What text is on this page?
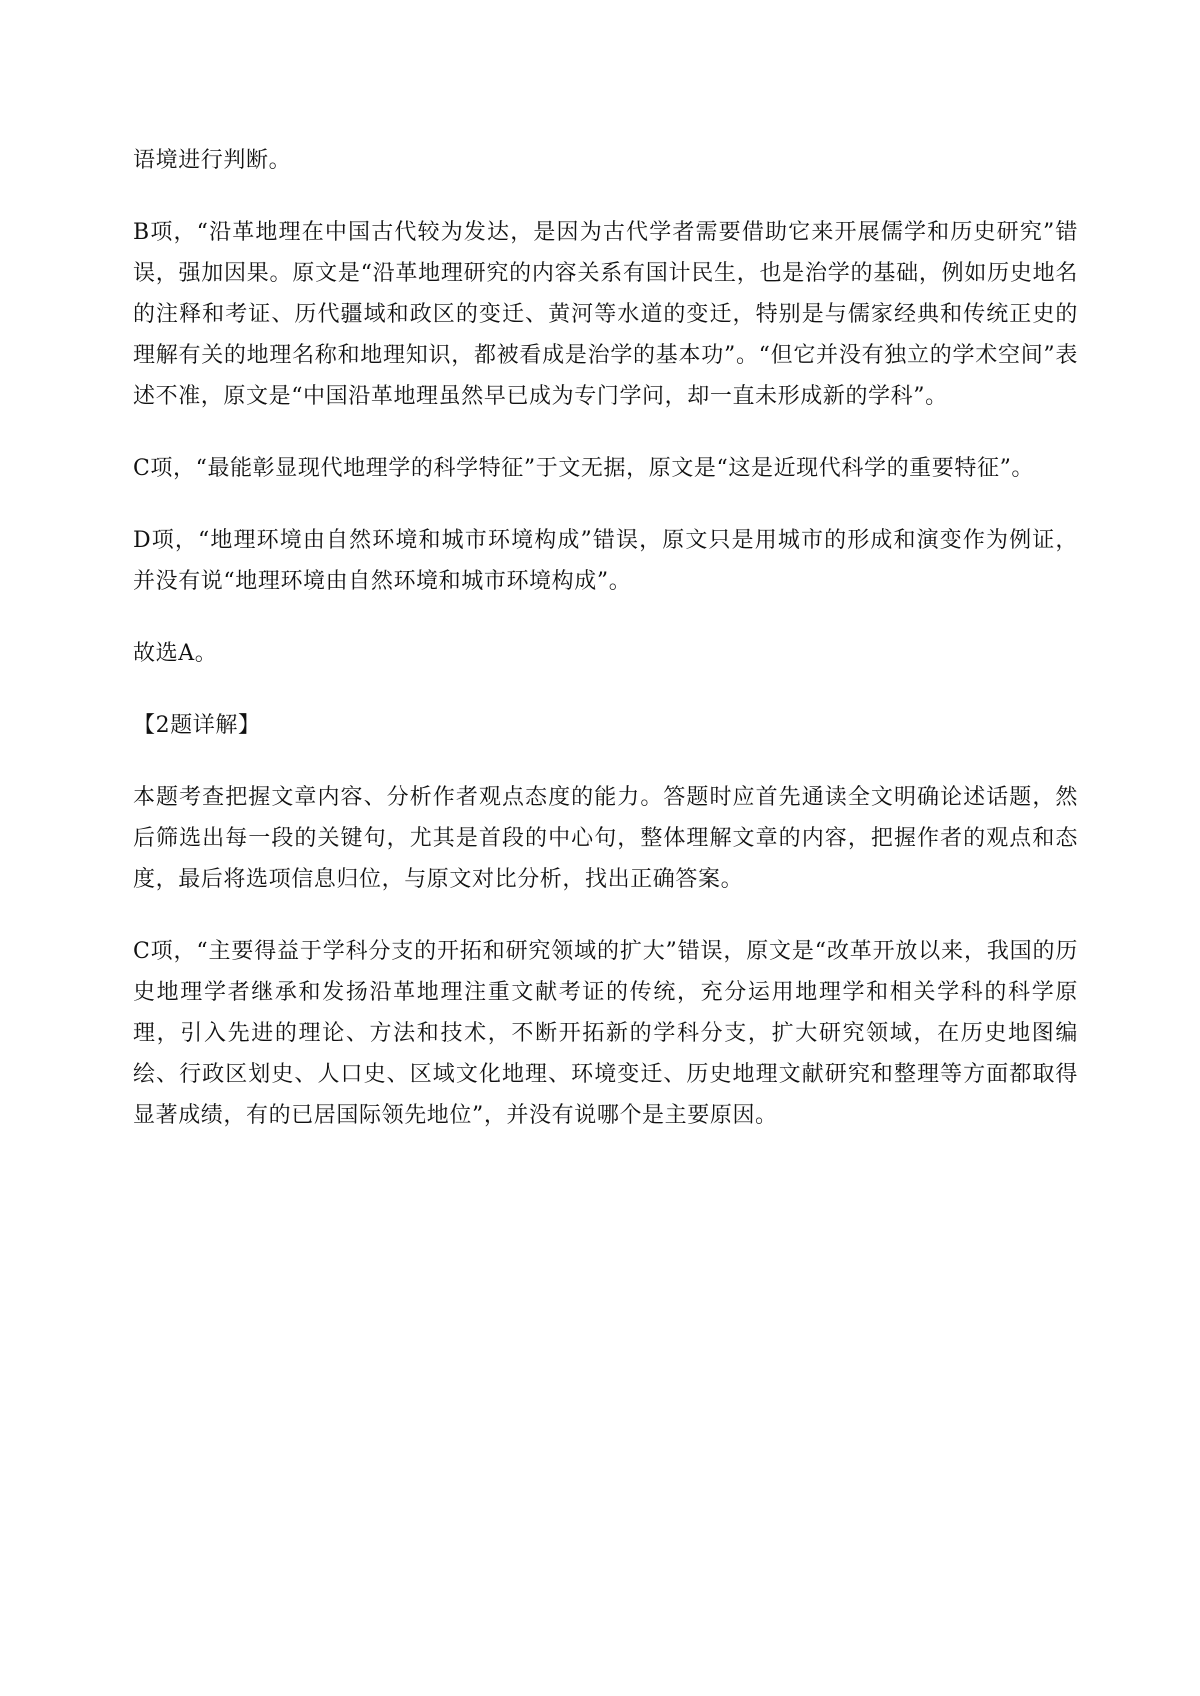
语境进行判断。

B项，“沿革地理在中国古代较为发达，是因为古代学者需要借助它来开展儒学和历史研究”错误，强加因果。原文是“沿革地理研究的内容关系有国计民生，也是治学的基础，例如历史地名的注释和考证、历代疆域和政区的变迁、黄河等水道的变迁，特别是与儒家经典和传统正史的理解有关的地理名称和地理知识，都被看成是治学的基本功”。“但它并没有独立的学术空间”表述不准，原文是“中国沿革地理虽然早已成为专门学问，却一直未形成新的学科”。

C项，“最能彰显现代地理学的科学特征”于文无据，原文是“这是近现代科学的重要特征”。

D项，“地理环境由自然环境和城市环境构成”错误，原文只是用城市的形成和演变作为例证，并没有说“地理环境由自然环境和城市环境构成”。

故选A。

【2题详解】

本题考查把握文章内容、分析作者观点态度的能力。答题时应首先通读全文明确论述话题，然后筛选出每一段的关键句，尤其是首段的中心句，整体理解文章的内容，把握作者的观点和态度，最后将选项信息归位，与原文对比分析，找出正确答案。

C项，“主要得益于学科分支的开拓和研究领域的扩大”错误，原文是“改革开放以来，我国的历史地理学者继承和发扬沿革地理注重文献考证的传统，充分运用地理学和相关学科的科学原理，引入先进的理论、方法和技术，不断开拓新的学科分支，扩大研究领域，在历史地图编绘、行政区划史、人口史、区域文化地理、环境变迁、历史地理文献研究和整理等方面都取得显著成绩，有的已居国际领先地位”，并没有说哪个是主要原因。
